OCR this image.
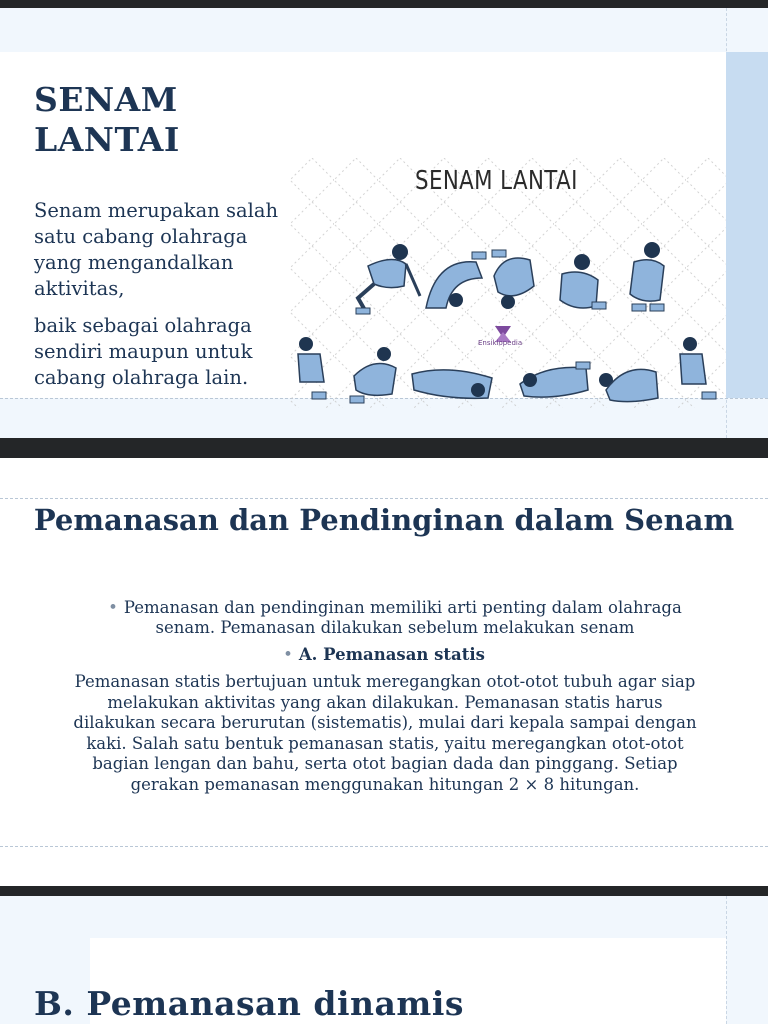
SENAM LANTAI

Senam merupakan salah satu cabang olahraga yang mengandalkan aktivitas,

baik sebagai olahraga sendiri maupun untuk cabang olahraga lain.

SENAM LANTAI
Ensiklopedia
Pemanasan dan Pendinginan dalam Senam

• Pemanasan dan pendinginan memiliki arti penting dalam olahraga senam. Pemanasan dilakukan sebelum melakukan senam

• A. Pemanasan statis

Pemanasan statis bertujuan untuk meregangkan otot-otot tubuh agar siap melakukan aktivitas yang akan dilakukan. Pemanasan statis harus dilakukan secara berurutan (sistematis), mulai dari kepala sampai dengan kaki. Salah satu bentuk pemanasan statis, yaitu meregangkan otot-otot bagian lengan dan bahu, serta otot bagian dada dan pinggang. Setiap gerakan pemanasan menggunakan hitungan 2 × 8 hitungan.

B. Pemanasan dinamis
